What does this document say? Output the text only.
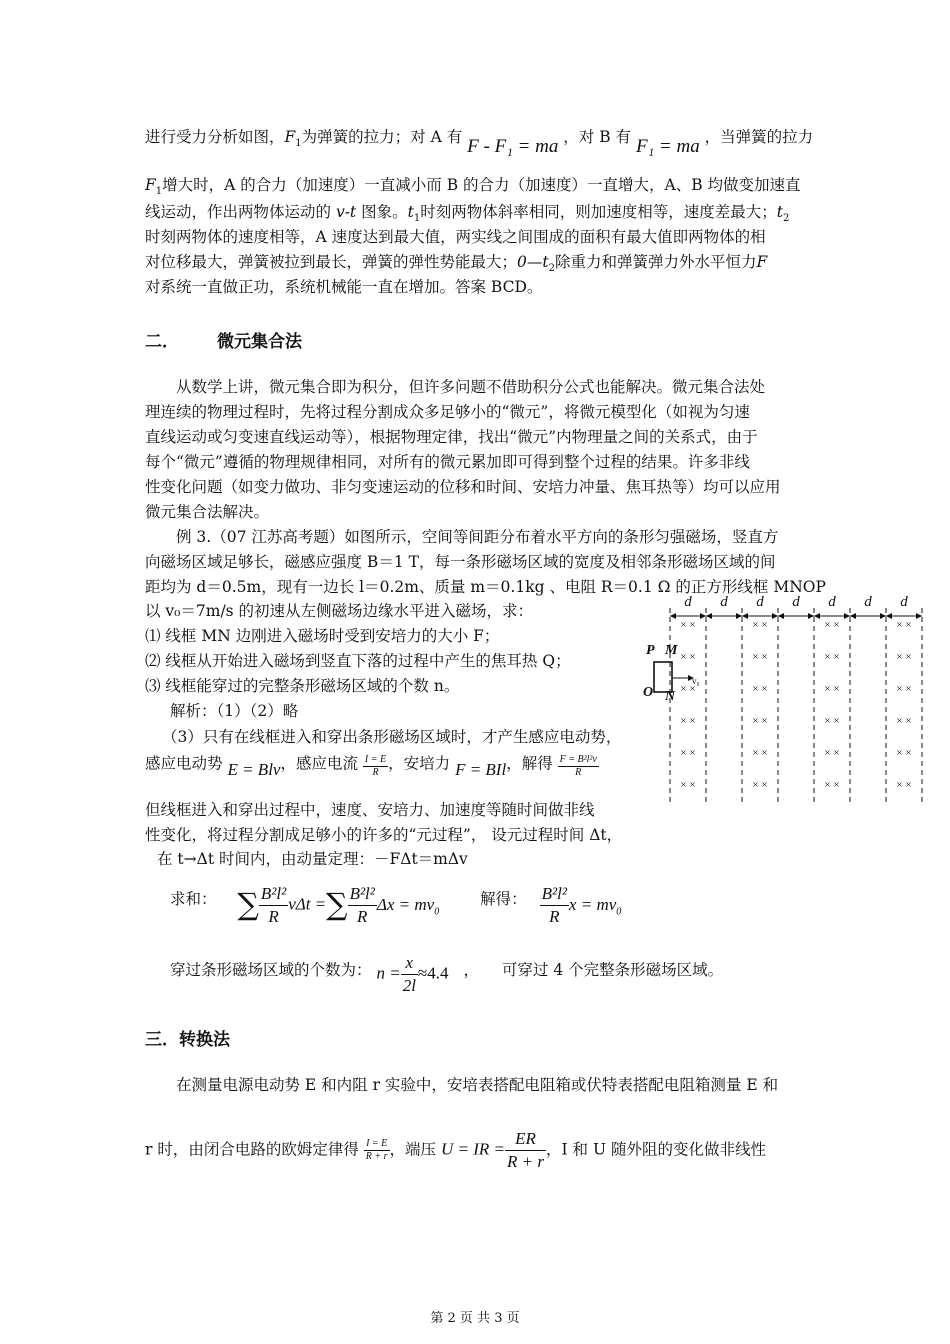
进行受力分析如图，$F_1$为弹簧的拉力；对 A 有 F - F₁ = ma ，对 B 有 F₁ = ma ，当弹簧的拉力
$F_1$增大时，A 的合力（加速度）一直减小而 B 的合力（加速度）一直增大，A、B 均做变加速直
线运动，作出两物体运动的 v-t 图象。$t_1$时刻两物体斜率相同，则加速度相等，速度差最大；$t_2$
时刻两物体的速度相等，A 速度达到最大值，两实线之间围成的面积有最大值即两物体的相
对位移最大，弹簧被拉到最长，弹簧的弹性势能最大；$0—t_2$除重力和弹簧弹力外水平恒力F
对系统一直做正功，系统机械能一直在增加。答案 BCD。
二． 微元集合法
从数学上讲，微元集合即为积分，但许多问题不借助积分公式也能解决。微元集合法处
理连续的物理过程时，先将过程分割成众多足够小的“微元”，将微元模型化（如视为匀速
直线运动或匀变速直线运动等），根据物理定律，找出“微元”内物理量之间的关系式，由于
每个“微元”遵循的物理规律相同，对所有的微元累加即可得到整个过程的结果。许多非线
性变化问题（如变力做功、非匀变速运动的位移和时间、安培力冲量、焦耳热等）均可以应用
微元集合法解决。
例 3.（07 江苏高考题）如图所示，空间等间距分布着水平方向的条形匀强磁场，竖直方
向磁场区域足够长，磁感应强度 B＝1 T，每一条形磁场区域的宽度及相邻条形磁场区域的间
距均为 d＝0.5m，现有一边长 l＝0.2m、质量 m＝0.1kg 、电阻 R＝0.1 Ω 的正方形线框 MNOP
以 v₀＝7m/s 的初速从左侧磁场边缘水平进入磁场，求：
⑴ 线框 MN 边刚进入磁场时受到安培力的大小 F；
⑵ 线框从开始进入磁场到竖直下落的过程中产生的焦耳热 Q；
⑶ 线框能穿过的完整条形磁场区域的个数 n。
解析：（1）（2）略
（3）只有在线框进入和穿出条形磁场区域时，才产生感应电动势，
感应电动势 E = Blv，感应电流 $\frac{I = E}{R}$ ，安培力 F = BIl，解得 $\frac{\text{F = B²l²v}}{R}$
但线框进入和穿出过程中，速度、安培力、加速度等随时间做非线
性变化，将过程分割成足够小的许多的“元过程”， 设元过程时间 Δt，
在 t→Δt 时间内，由动量定理：－FΔt＝mΔv
求和： ∑ $\frac{\text{B²l²}}{R}$ vΔt =∑ $\frac{\text{B²l²}}{R}$ $\Delta x = mv_0$ 解得： $\frac{\text{B²l²}}{R}$ $x = mv_0$
穿过条形磁场区域的个数为： $n = \frac{x}{2l} \approx 4.4$ ， 可穿过 4 个完整条形磁场区域。
三．转换法
在测量电源电动势 E 和内阻 r 实验中，安培表搭配电阻箱或伏特表搭配电阻箱测量 E 和
r 时，由闭合电路的欧姆定律得 $\frac{I = E}{R + r}$ ，端压 U = IR = $\frac{ER}{R + r}$ ，I 和 U 随外阻的变化做非线性
d d d d d d d
× ×
× ×
× ×
× ×
× ×
× ×
× ×
× ×
× ×
× ×
× ×
× ×
× ×
× ×
× ×
× ×
× ×
× ×
× ×
× ×
× ×
× ×
× ×
× ×
P M
O N
v₀
第 2 页 共 3 页
